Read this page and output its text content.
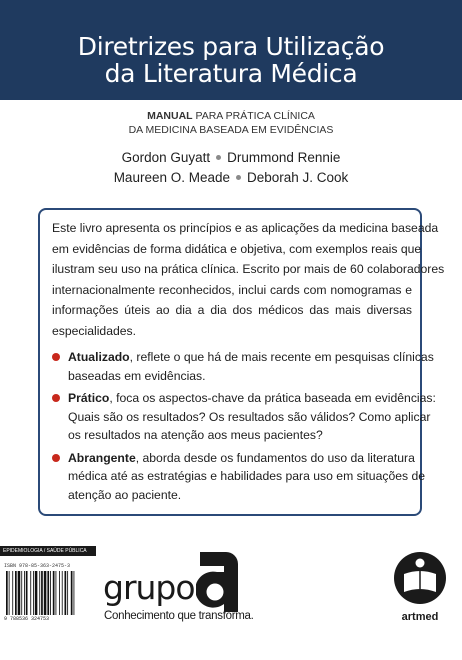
Diretrizes para Utilização
da Literatura Médica
MANUAL PARA PRÁTICA CLÍNICA
DA MEDICINA BASEADA EM EVIDÊNCIAS
Gordon Guyatt Drummond Rennie
Maureen O. Meade Deborah J. Cook
Este livro apresenta os princípios e as aplicações da medicina baseada
em evidências de forma didática e objetiva, com exemplos reais que
ilustram seu uso na prática clínica. Escrito por mais de 60 colaboradores
internacionalmente reconhecidos, inclui cards com nomogramas e
informações úteis ao dia a dia dos médicos das mais diversas
especialidades.
Atualizado, reflete o que há de mais recente em pesquisas clínicas
baseadas em evidências.
Prático, foca os aspectos-chave da prática baseada em evidências:
Quais são os resultados? Os resultados são válidos? Como aplicar
os resultados na atenção aos meus pacientes?
Abrangente, aborda desde os fundamentos do uso da literatura
médica até as estratégias e habilidades para uso em situações de
atenção ao paciente.
EPIDEMIOLOGIA / SAÚDE PÚBLICA
ISBN 978-85-363-2475-3
9 788536 324753
grupo
Conhecimento que transforma.	artmed
